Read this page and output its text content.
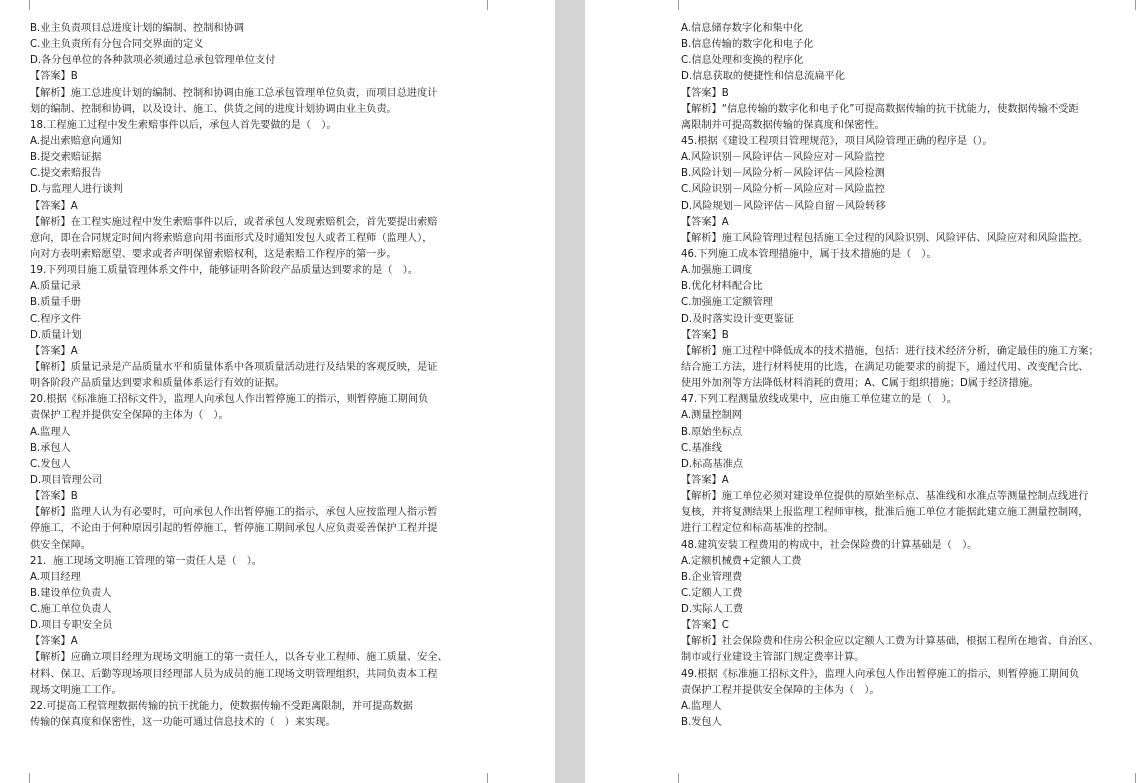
B.业主负责项目总进度计划的编制、控制和协调
C.业主负责所有分包合同交界面的定义
D.各分包单位的各种款项必须通过总承包管理单位支付
【答案】B
【解析】施工总进度计划的编制、控制和协调由施工总承包管理单位负责，而项目总进度计
划的编制、控制和协调，以及设计、施工、供货之间的进度计划协调由业主负责。
18.工程施工过程中发生索赔事件以后，承包人首先要做的是（　）。
A.提出索赔意向通知
B.提交索赔证据
C.提交索赔报告
D.与监理人进行谈判
【答案】A
【解析】在工程实施过程中发生索赔事件以后，或者承包人发现索赔机会，首先要提出索赔
意向，即在合同规定时间内将索赔意向用书面形式及时通知发包人或者工程师（监理人），
向对方表明索赔愿望、要求或者声明保留索赔权利，这是索赔工作程序的第一步。
19.下列项目施工质量管理体系文件中，能够证明各阶段产品质量达到要求的是（　）。
A.质量记录
B.质量手册
C.程序文件
D.质量计划
【答案】A
【解析】质量记录是产品质量水平和质量体系中各项质量活动进行及结果的客观反映，是证
明各阶段产品质量达到要求和质量体系运行有效的证据。
20.根据《标准施工招标文件》，监理人向承包人作出暂停施工的指示，则暂停施工期间负
责保护工程并提供安全保障的主体为（　）。
A.监理人
B.承包人
C.发包人
D.项目管理公司
【答案】B
【解析】监理人认为有必要时，可向承包人作出暂停施工的指示，承包人应按监理人指示暂
停施工，不论由于何种原因引起的暂停施工，暂停施工期间承包人应负责妥善保护工程并提
供安全保障。
21．施工现场文明施工管理的第一责任人是（　）。
A.项目经理
B.建设单位负责人
C.施工单位负责人
D.项目专职安全员
【答案】A
【解析】应确立项目经理为现场文明施工的第一责任人，以各专业工程师、施工质量、安全、
材料、保卫、后勤等现场项目经理部人员为成员的施工现场文明管理组织，共同负责本工程
现场文明施工工作。
22.可提高工程管理数据传输的抗干扰能力，使数据传输不受距离限制，并可提高数据
传输的保真度和保密性，这一功能可通过信息技术的（　）来实现。
A.信息储存数字化和集中化
B.信息传输的数字化和电子化
C.信息处理和变换的程序化
D.信息获取的便捷性和信息流扁平化
【答案】B
【解析】“信息传输的数字化和电子化”可提高数据传输的抗干扰能力，使数据传输不受距
离限制并可提高数据传输的保真度和保密性。
45.根据《建设工程项目管理规范》，项目风险管理正确的程序是（）。
A.风险识别－风险评估－风险应对－风险监控
B.风险计划－风险分析－风险评估－风险检测
C.风险识别－风险分析－风险应对－风险监控
D.风险规划－风险评估－风险自留－风险转移
【答案】A
【解析】施工风险管理过程包括施工全过程的风险识别、风险评估、风险应对和风险监控。
46.下列施工成本管理措施中，属于技术措施的是（　）。
A.加强施工调度
B.优化材料配合比
C.加强施工定额管理
D.及时落实设计变更鉴证
【答案】B
【解析】施工过程中降低成本的技术措施，包括：进行技术经济分析，确定最佳的施工方案；
结合施工方法，进行材料使用的比选，在满足功能要求的前提下，通过代用、改变配合比、
使用外加剂等方法降低材料消耗的费用；A、C属于组织措施；D属于经济措施。
47.下列工程测量放线成果中，应由施工单位建立的是（　）。
A.测量控制网
B.原始坐标点
C.基准线
D.标高基准点
【答案】A
【解析】施工单位必须对建设单位提供的原始坐标点、基准线和水准点等测量控制点线进行
复核，并将复测结果上报监理工程师审核，批准后施工单位才能据此建立施工测量控制网，
进行工程定位和标高基准的控制。
48.建筑安装工程费用的构成中，社会保险费的计算基础是（　）。
A.定额机械费+定额人工费
B.企业管理费
C.定额人工费
D.实际人工费
【答案】C
【解析】社会保险费和住房公积金应以定额人工费为计算基础，根据工程所在地省、自治区、
制市或行业建设主管部门规定费率计算。
49.根据《标准施工招标文件》，监理人向承包人作出暂停施工的指示，则暂停施工期间负
责保护工程并提供安全保障的主体为（　）。
A.监理人
B.发包人
